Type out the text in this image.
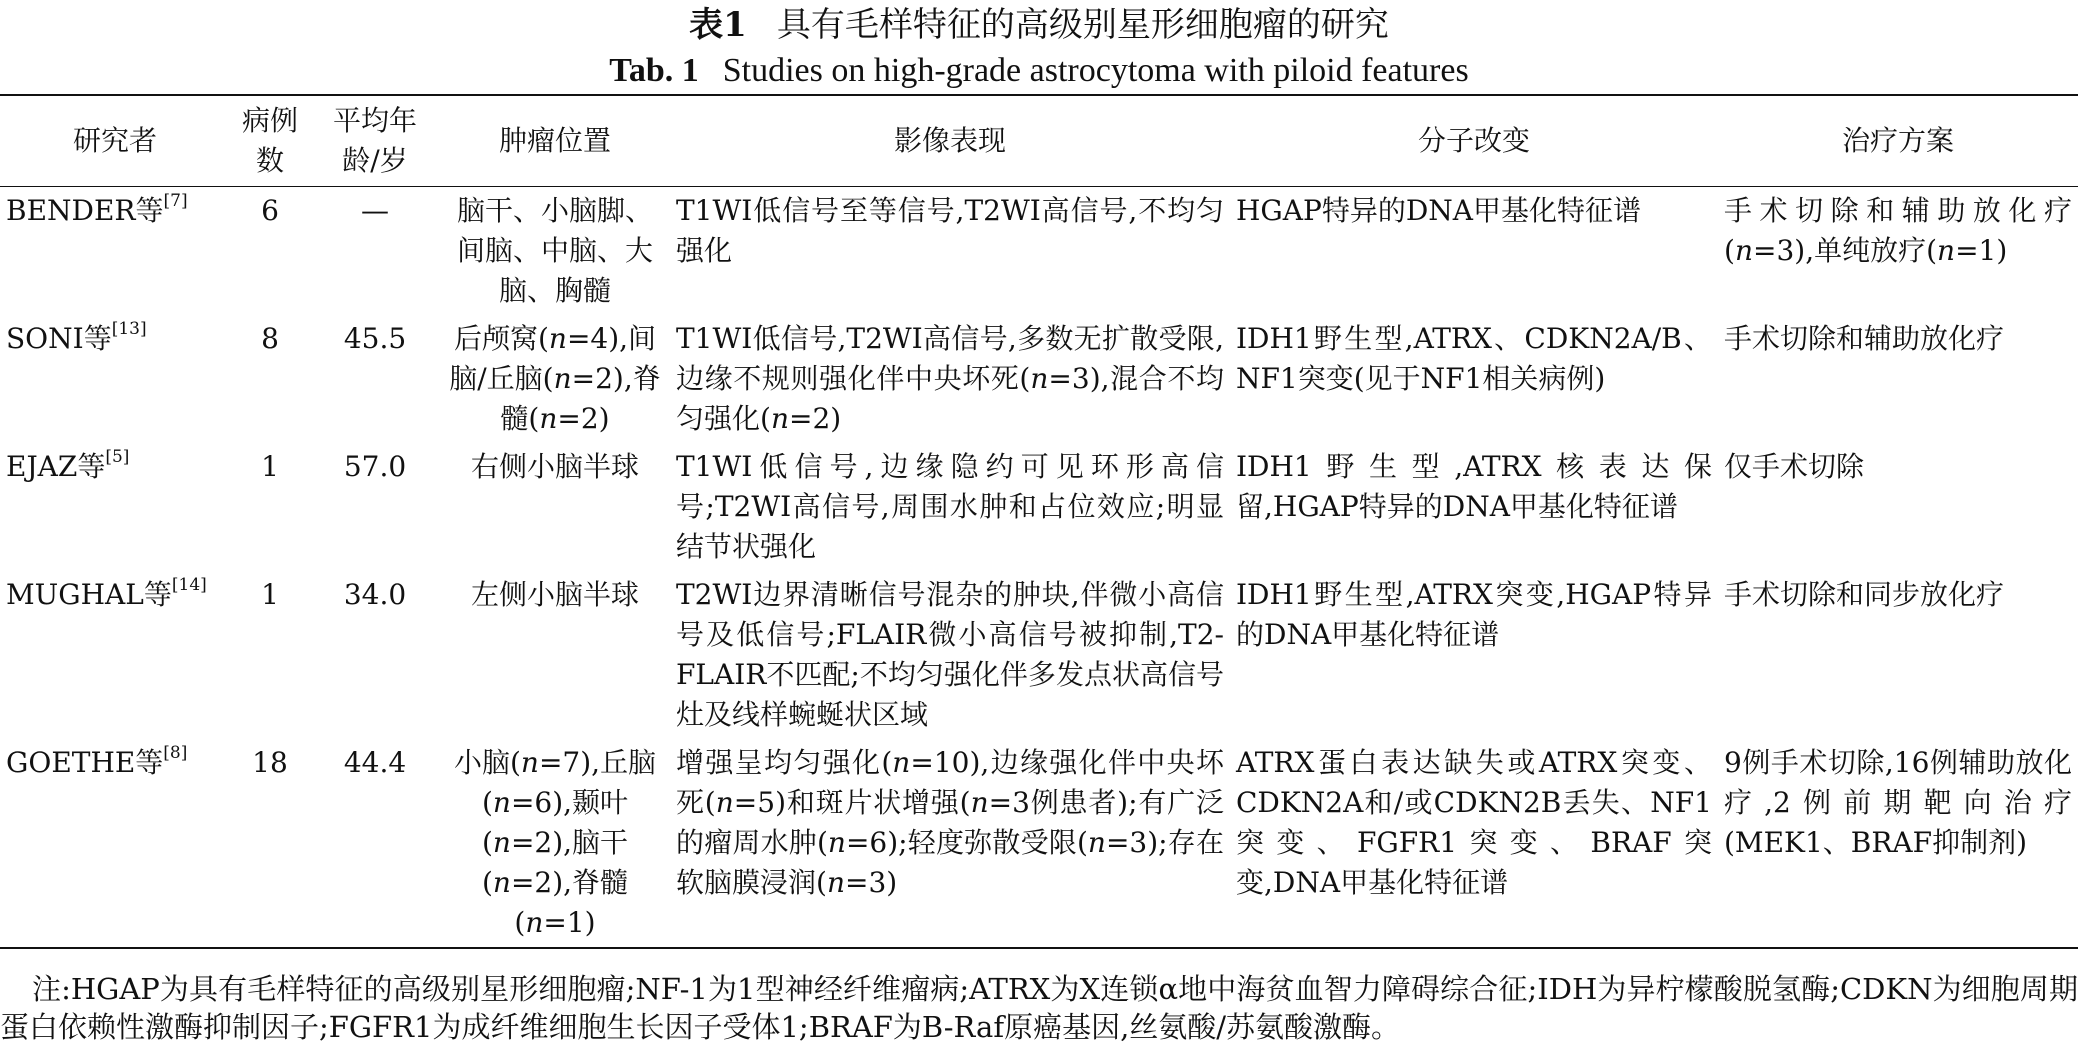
表1 具有毛样特征的高级别星形细胞瘤的研究
Tab. 1 Studies on high-grade astrocytoma with piloid features
研究者	病例数	平均年龄/岁	肿瘤位置	影像表现	分子改变	治疗方案
BENDER等[7]	6	—	脑干、小脑脚、间脑、中脑、大脑、胸髓	T1WI低信号至等信号,T2WI高信号,不均匀强化	HGAP特异的DNA甲基化特征谱	手术切除和辅助放化疗(n=3),单纯放疗(n=1)
SONI等[13]	8	45.5	后颅窝(n=4),间脑/丘脑(n=2),脊髓(n=2)	T1WI低信号,T2WI高信号,多数无扩散受限,边缘不规则强化伴中央坏死(n=3),混合不均匀强化(n=2)	IDH1野生型,ATRX、CDKN2A/B、NF1突变(见于NF1相关病例)	手术切除和辅助放化疗
EJAZ等[5]	1	57.0	右侧小脑半球	T1WI低信号,边缘隐约可见环形高信号;T2WI高信号,周围水肿和占位效应;明显结节状强化	IDH1野生型,ATRX核表达保留,HGAP特异的DNA甲基化特征谱	仅手术切除
MUGHAL等[14]	1	34.0	左侧小脑半球	T2WI边界清晰信号混杂的肿块,伴微小高信号及低信号;FLAIR微小高信号被抑制,T2-FLAIR不匹配;不均匀强化伴多发点状高信号灶及线样蜿蜒状区域	IDH1野生型,ATRX突变,HGAP特异的DNA甲基化特征谱	手术切除和同步放化疗
GOETHE等[8]	18	44.4	小脑(n=7),丘脑(n=6),颞叶(n=2),脑干(n=2),脊髓(n=1)	增强呈均匀强化(n=10),边缘强化伴中央坏死(n=5)和斑片状增强(n=3例患者);有广泛的瘤周水肿(n=6);轻度弥散受限(n=3);存在软脑膜浸润(n=3)	ATRX蛋白表达缺失或ATRX突变、CDKN2A和/或CDKN2B丢失、NF1突变、FGFR1突变、BRAF突变,DNA甲基化特征谱	9例手术切除,16例辅助放化疗,2例前期靶向治疗(MEK1、BRAF抑制剂)
注:HGAP为具有毛样特征的高级别星形细胞瘤;NF-1为1型神经纤维瘤病;ATRX为X连锁α地中海贫血智力障碍综合征;IDH为异柠檬酸脱氢酶;CDKN为细胞周期蛋白依赖性激酶抑制因子;FGFR1为成纤维细胞生长因子受体1;BRAF为B-Raf原癌基因,丝氨酸/苏氨酸激酶。
